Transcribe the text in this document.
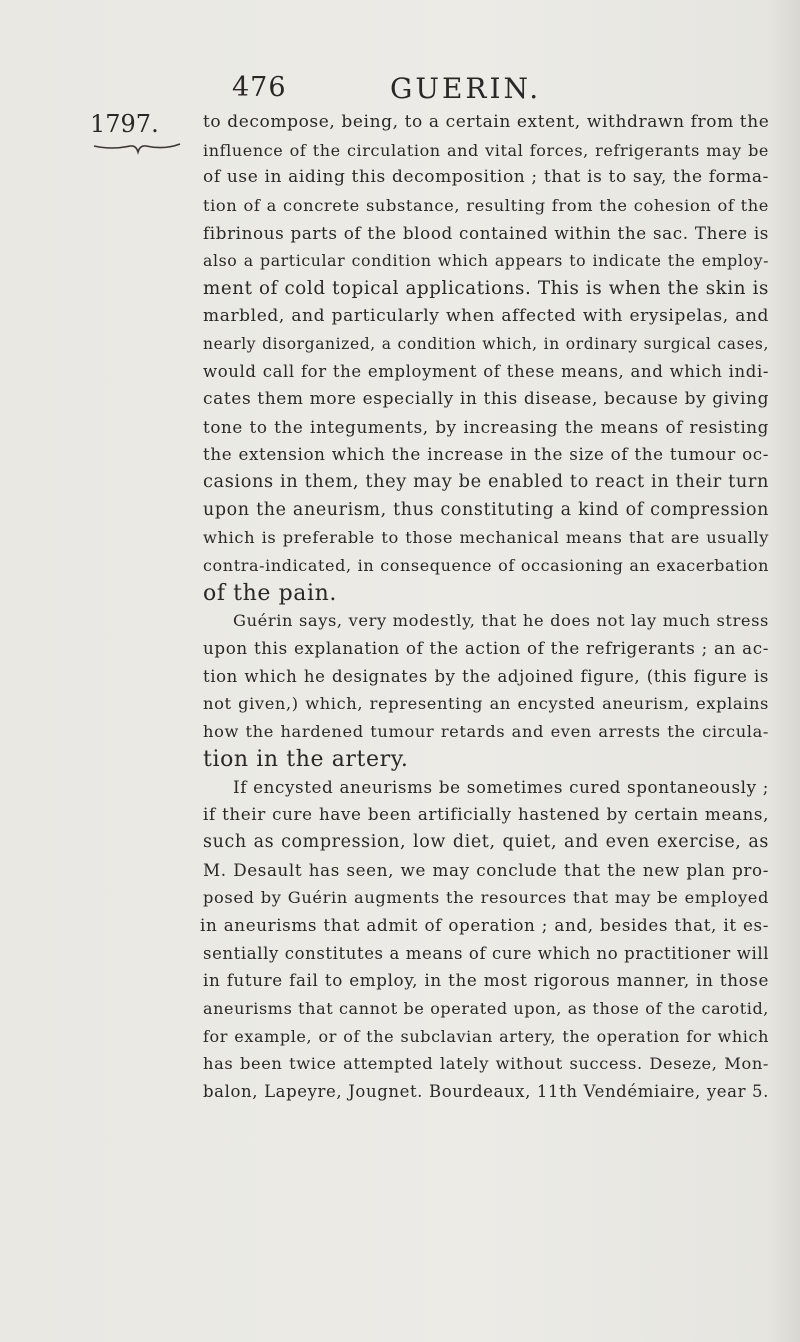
476	GUERIN.
1797.	to decompose, being, to a certain extent, withdrawn from the
influence of the circulation and vital forces, refrigerants may be
of use in aiding this decomposition ; that is to say, the forma-
tion of a concrete substance, resulting from the cohesion of the
fibrinous parts of the blood contained within the sac. There is
also a particular condition which appears to indicate the employ-
ment of cold topical applications. This is when the skin is
marbled, and particularly when affected with erysipelas, and
nearly disorganized, a condition which, in ordinary surgical cases,
would call for the employment of these means, and which indi-
cates them more especially in this disease, because by giving
tone to the integuments, by increasing the means of resisting
the extension which the increase in the size of the tumour oc-
casions in them, they may be enabled to react in their turn
upon the aneurism, thus constituting a kind of compression
which is preferable to those mechanical means that are usually
contra-indicated, in consequence of occasioning an exacerbation
of the pain.
Guérin says, very modestly, that he does not lay much stress
upon this explanation of the action of the refrigerants ; an ac-
tion which he designates by the adjoined figure, (this figure is
not given,) which, representing an encysted aneurism, explains
how the hardened tumour retards and even arrests the circula-
tion in the artery.
If encysted aneurisms be sometimes cured spontaneously ;
if their cure have been artificially hastened by certain means,
such as compression, low diet, quiet, and even exercise, as
M. Desault has seen, we may conclude that the new plan pro-
posed by Guérin augments the resources that may be employed
in aneurisms that admit of operation ; and, besides that, it es-
sentially constitutes a means of cure which no practitioner will
in future fail to employ, in the most rigorous manner, in those
aneurisms that cannot be operated upon, as those of the carotid,
for example, or of the subclavian artery, the operation for which
has been twice attempted lately without success. Deseze, Mon-
balon, Lapeyre, Jougnet. Bourdeaux, 11th Vendémiaire, year 5.
